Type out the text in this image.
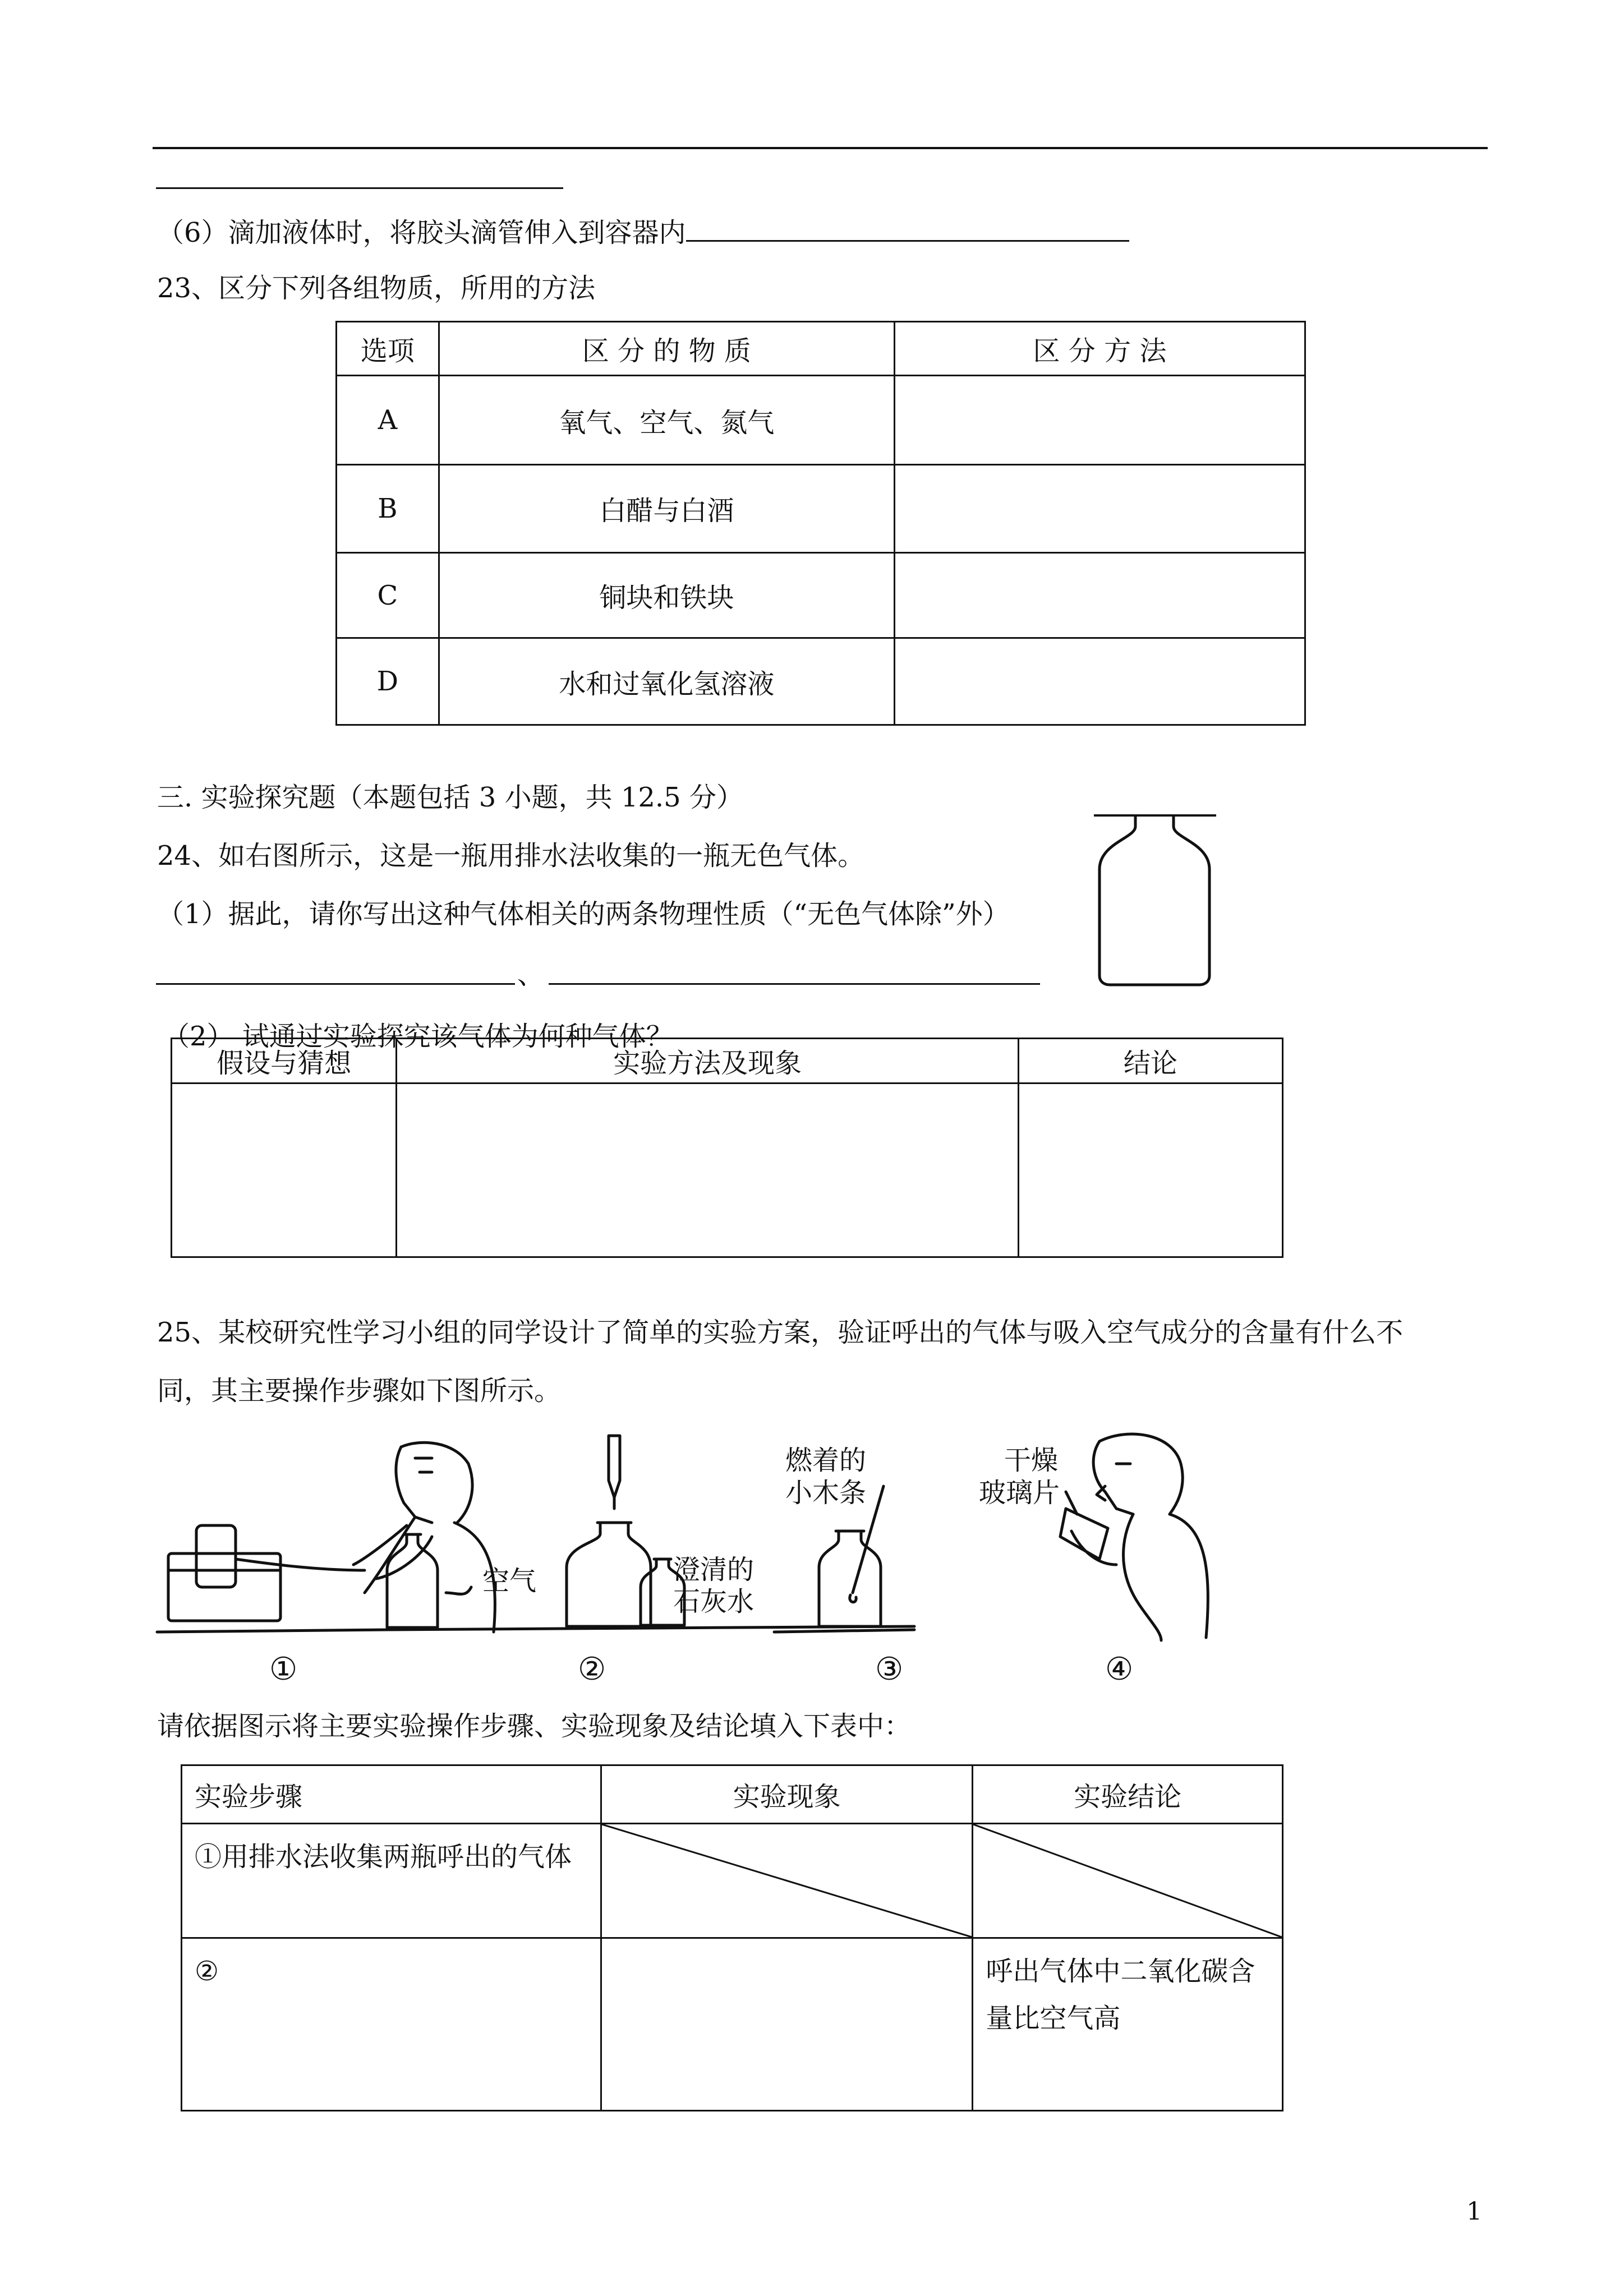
（6）滴加液体时，将胶头滴管伸入到容器内
23、区分下列各组物质，所用的方法
选项	区 分 的 物 质	区 分 方 法
A	氧气、空气、氮气	
B	白醋与白酒	
C	铜块和铁块	
D	水和过氧化氢溶液	
三. 实验探究题（本题包括 3 小题，共 12.5 分）
24、如右图所示，这是一瓶用排水法收集的一瓶无色气体。
（1）据此，请你写出这种气体相关的两条物理性质（“无色气体除”外）
、
（2） 试通过实验探究该气体为何种气体？
假设与猜想	实验方法及现象	结论

25、某校研究性学习小组的同学设计了简单的实验方案，验证呼出的气体与吸入空气成分的含量有什么不
同，其主要操作步骤如下图所示。
空气	澄清的
石灰水
燃着的
小木条
干燥
玻璃片
①	②	③	④
请依据图示将主要实验操作步骤、实验现象及结论填入下表中：
实验步骤	实验现象	实验结论
①用排水法收集两瓶呼出的气体	

②		呼出气体中二氧化碳含量比空气高
1
